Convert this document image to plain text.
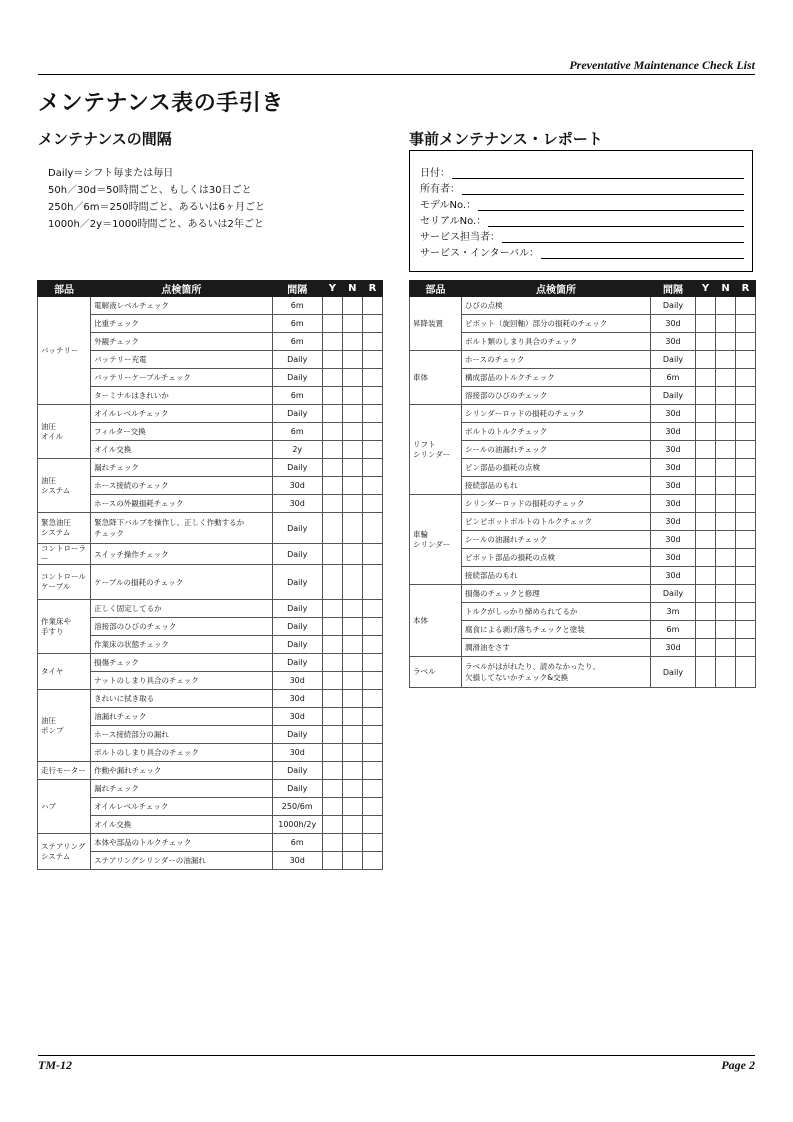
Preventative Maintenance Check List
メンテナンス表の手引き
メンテナンスの間隔
Daily＝シフト毎または毎日
50h／30d＝50時間ごと、もしくは30日ごと
250h／6m＝250時間ごと、あるいは6ヶ月ごと
1000h／2y＝1000時間ごと、あるいは2年ごと
事前メンテナンス・レポート
日付：
所有者：
モデルNo.：
セリアルNo.：
サービス担当者：
サービス・インターバル：
部品	点検箇所	間隔	Y	N	R
バッテリー	電解液レベルチェック	6m			
	比重チェック	6m			
	外観チェック	6m			
	バッテリー充電	Daily			
	バッテリーケーブルチェック	Daily			
	ターミナルはきれいか	6m			
油圧
オイル	オイルレベルチェック	Daily			
	フィルター交換	6m			
	オイル交換	2y			
油圧
システム	漏れチェック	Daily			
	ホース接続のチェック	30d			
	ホースの外観損耗チェック	30d			
緊急油圧
システム	緊急降下バルブを操作し、正しく作動するか
チェック	Daily			
コントローラー	スイッチ操作チェック	Daily			
コントロール
ケーブル	ケーブルの損耗のチェック	Daily			
作業床や
手すり	正しく固定してるか	Daily			
	溶接部のひびのチェック	Daily			
	作業床の状態チェック	Daily			
タイヤ	損傷チェック	Daily			
	ナットのしまり具合のチェック	30d			
油圧
ポンプ	きれいに拭き取る	30d			
	油漏れチェック	30d			
	ホース接続部分の漏れ	Daily			
	ボルトのしまり具合のチェック	30d			
走行モーター	作動や漏れチェック	Daily			
ハブ	漏れチェック	Daily			
	オイルレベルチェック	250/6m			
	オイル交換	1000h/2y			
ステアリング
システム	本体や部品のトルクチェック	6m			
	ステアリングシリンダーの油漏れ	30d			
部品	点検箇所	間隔	Y	N	R
昇降装置	ひびの点検	Daily			
	ピボット（旋回軸）部分の損耗のチェック	30d			
	ボルト類のしまり具合のチェック	30d			
車体	ホースのチェック	Daily			
	構成部品のトルクチェック	6m			
	溶接部のひびのチェック	Daily			
リフト
シリンダー	シリンダーロッドの損耗のチェック	30d			
	ボルトのトルクチェック	30d			
	シールの油漏れチェック	30d			
	ピン部品の損耗の点検	30d			
	接続部品のもれ	30d			
車輪
シリンダー	シリンダーロッドの損耗のチェック	30d			
	ピンピボットボルトのトルクチェック	30d			
	シールの油漏れチェック	30d			
	ピボット部品の損耗の点検	30d			
	接続部品のもれ	30d			
本体	損傷のチェックと修理	Daily			
	トルクがしっかり締められてるか	3m			
	腐食による剥げ落ちチェックと塗装	6m			
	潤滑油をさす	30d			
ラベル	ラベルがはがれたり、読めなかったり、
欠損してないかチェック&交換	Daily			
TM-12	Page 2
